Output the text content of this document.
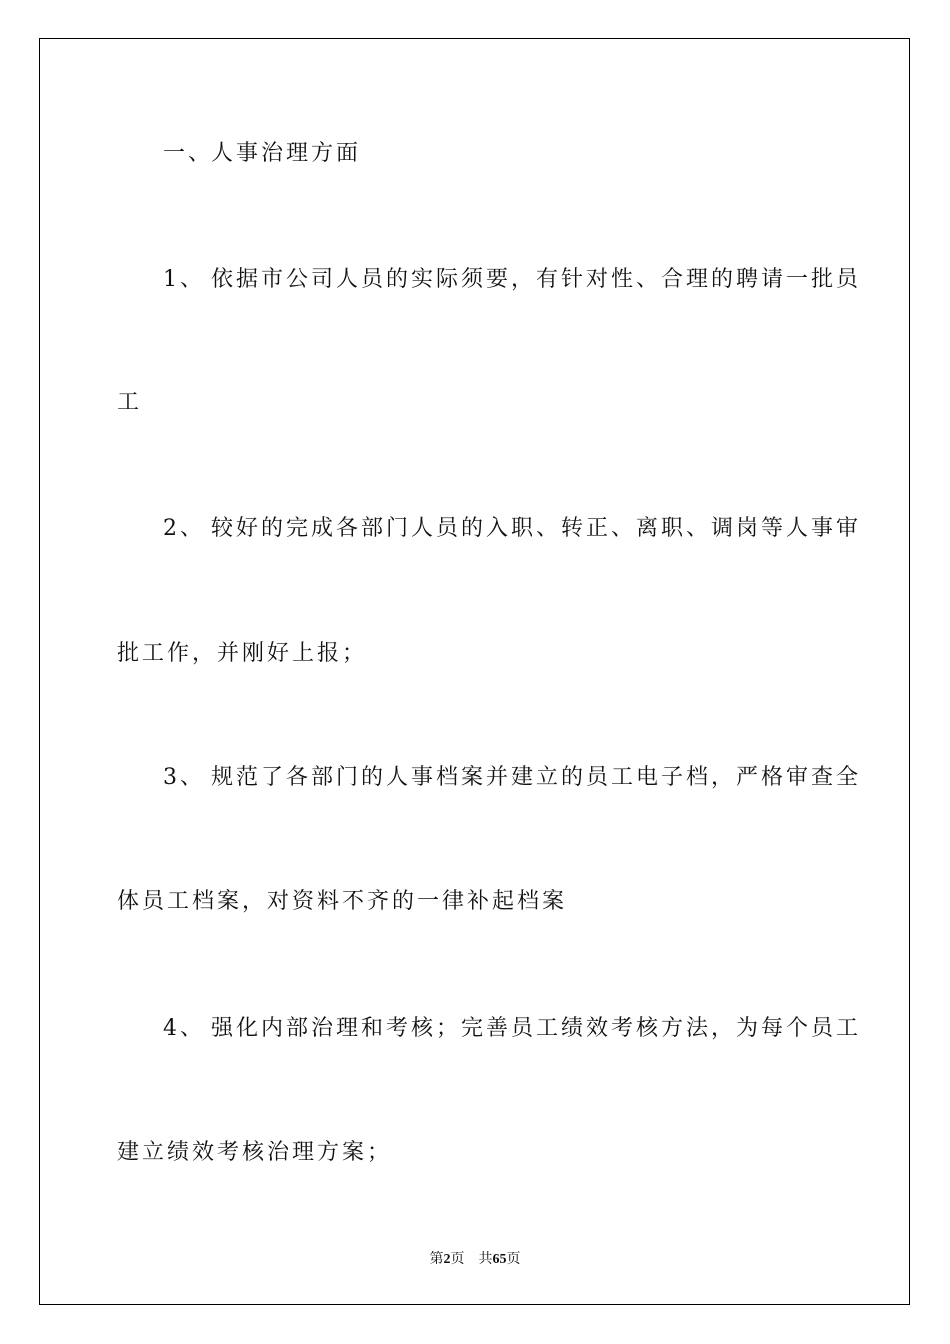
一、人事治理方面

1、 依据市公司人员的实际须要，有针对性、合理的聘请一批员

工

2、 较好的完成各部门人员的入职、转正、离职、调岗等人事审

批工作，并刚好上报；

3、 规范了各部门的人事档案并建立的员工电子档，严格审查全

体员工档案，对资料不齐的一律补起档案

4、 强化内部治理和考核；完善员工绩效考核方法，为每个员工

建立绩效考核治理方案；

第2页　共65页
